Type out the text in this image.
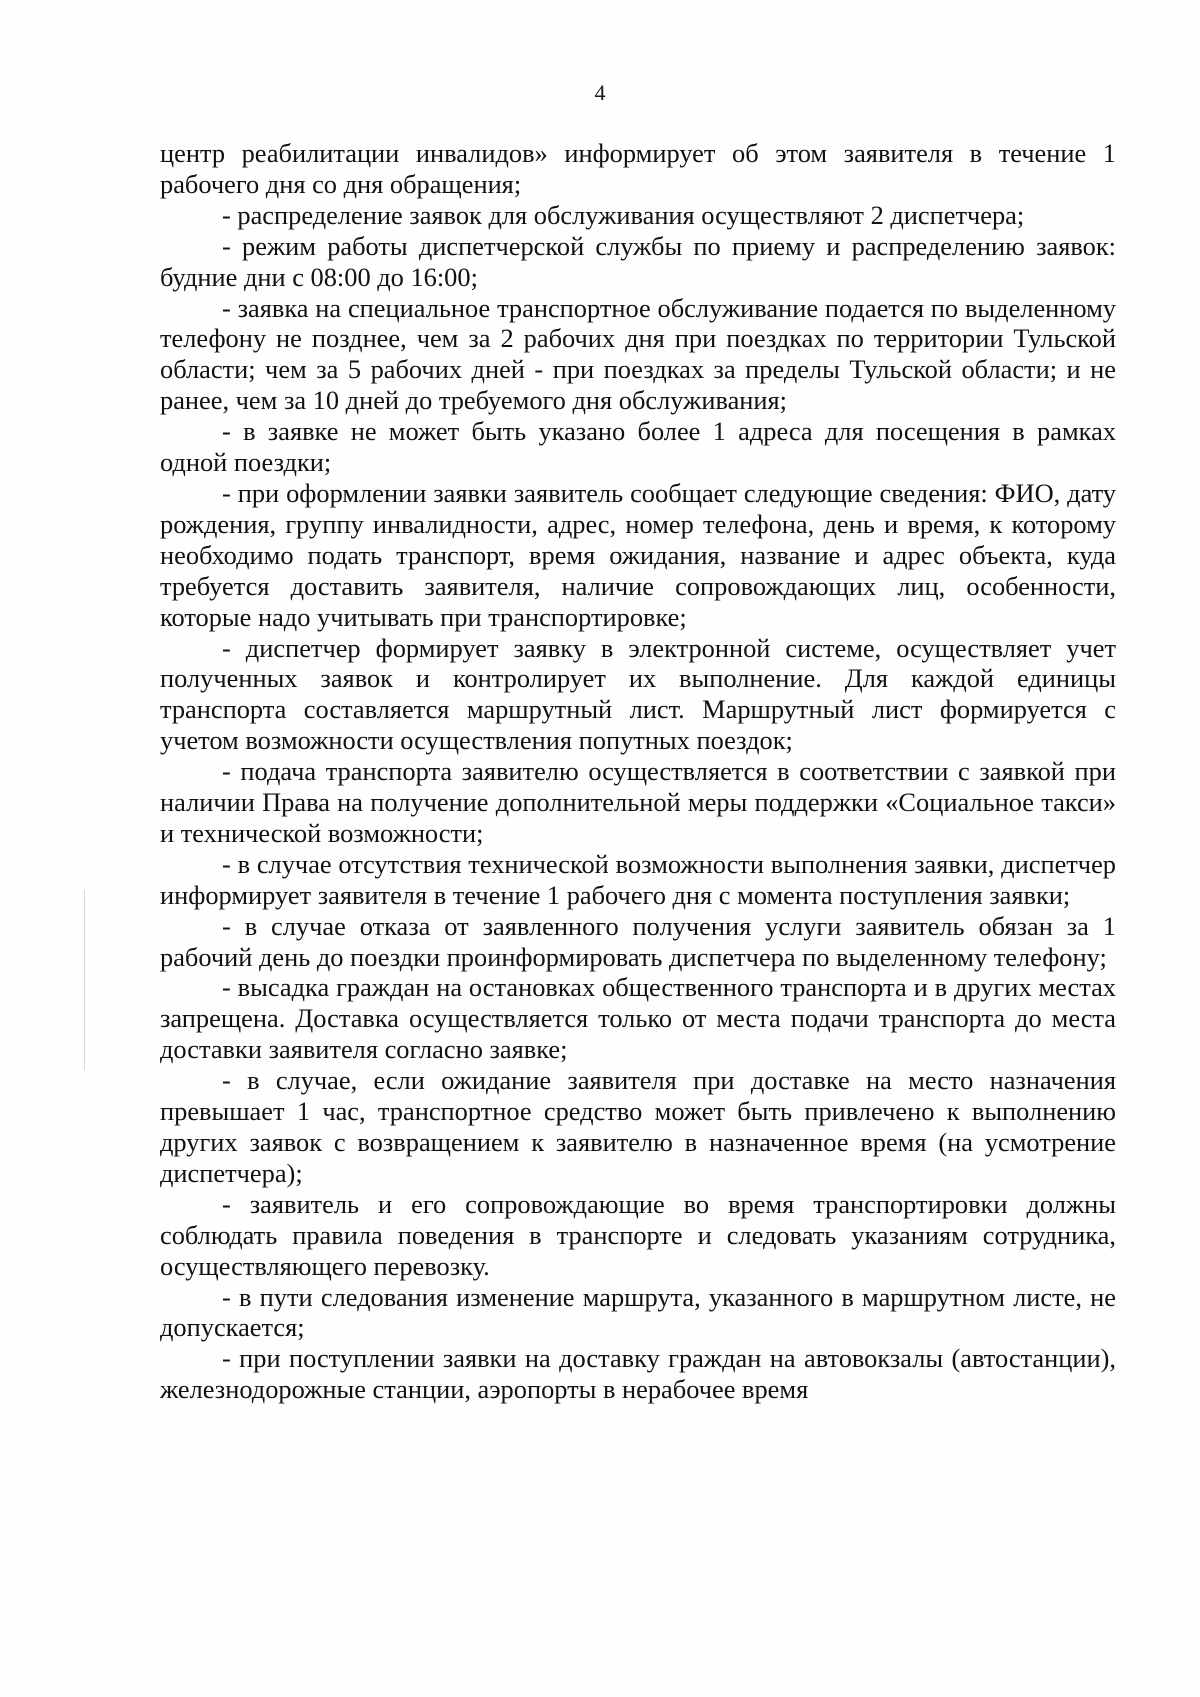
4

центр реабилитации инвалидов» информирует об этом заявителя в течение 1 рабочего дня со дня обращения;

- распределение заявок для обслуживания осуществляют 2 диспетчера;

- режим работы диспетчерской службы по приему и распределению заявок: будние дни с 08:00 до 16:00;

- заявка на специальное транспортное обслуживание подается по выделенному телефону не позднее, чем за 2 рабочих дня при поездках по территории Тульской области; чем за 5 рабочих дней - при поездках за пределы Тульской области; и не ранее, чем за 10 дней до требуемого дня обслуживания;

- в заявке не может быть указано более 1 адреса для посещения в рамках одной поездки;

- при оформлении заявки заявитель сообщает следующие сведения: ФИО, дату рождения, группу инвалидности, адрес, номер телефона, день и время, к которому необходимо подать транспорт, время ожидания, название и адрес объекта, куда требуется доставить заявителя, наличие сопровождающих лиц, особенности, которые надо учитывать при транспортировке;

- диспетчер формирует заявку в электронной системе, осуществляет учет полученных заявок и контролирует их выполнение. Для каждой единицы транспорта составляется маршрутный лист. Маршрутный лист формируется с учетом возможности осуществления попутных поездок;

- подача транспорта заявителю осуществляется в соответствии с заявкой при наличии Права на получение дополнительной меры поддержки «Социальное такси» и технической возможности;

- в случае отсутствия технической возможности выполнения заявки, диспетчер информирует заявителя в течение 1 рабочего дня с момента поступления заявки;

- в случае отказа от заявленного получения услуги заявитель обязан за 1 рабочий день до поездки проинформировать диспетчера по выделенному телефону;

- высадка граждан на остановках общественного транспорта и в других местах запрещена. Доставка осуществляется только от места подачи транспорта до места доставки заявителя согласно заявке;

- в случае, если ожидание заявителя при доставке на место назначения превышает 1 час, транспортное средство может быть привлечено к выполнению других заявок с возвращением к заявителю в назначенное время (на усмотрение диспетчера);

- заявитель и его сопровождающие во время транспортировки должны соблюдать правила поведения в транспорте и следовать указаниям сотрудника, осуществляющего перевозку.

- в пути следования изменение маршрута, указанного в маршрутном листе, не допускается;

- при поступлении заявки на доставку граждан на автовокзалы (автостанции), железнодорожные станции, аэропорты в нерабочее время
